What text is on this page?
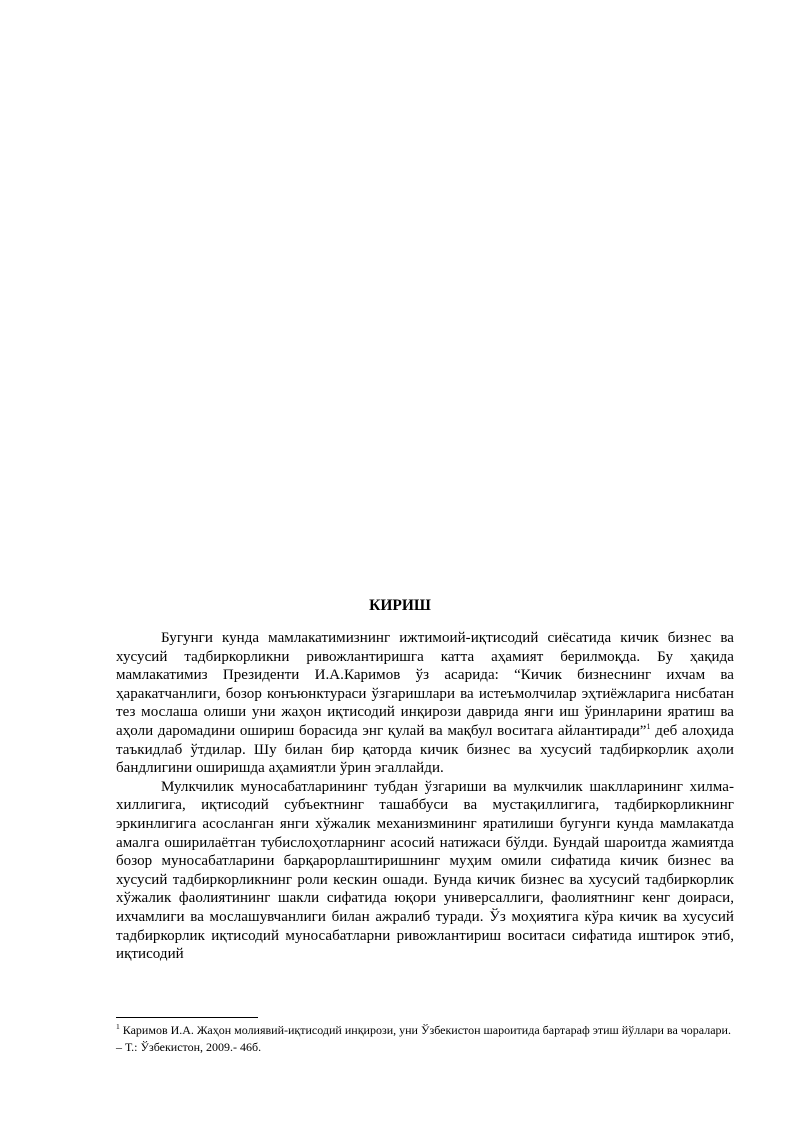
КИРИШ

Бугунги кунда мамлакатимизнинг ижтимоий-иқтисодий сиёсатида кичик бизнес ва хусусий тадбиркорликни ривожлантиришга катта аҳамият берилмоқда. Бу ҳақида мамлакатимиз Президенти И.А.Каримов ўз асарида: “Кичик бизнеснинг ихчам ва ҳаракатчанлиги, бозор конъюнктураси ўзгаришлари ва истеъмолчилар эҳтиёжларига нисбатан тез мослаша олиши уни жаҳон иқтисодий инқирози даврида янги иш ўринларини яратиш ва аҳоли даромадини ошириш борасида энг қулай ва мақбул воситага айлантиради”$^1$ деб алоҳида таъкидлаб ўтдилар. Шу билан бир қаторда кичик бизнес ва хусусий тадбиркорлик аҳоли бандлигини оширишда аҳамиятли ўрин эгаллайди.

Мулкчилик муносабатларининг тубдан ўзгариши ва мулкчилик шаклларининг хилма-хиллигига, иқтисодий субъектнинг ташаббуси ва мустақиллигига, тадбиркорликнинг эркинлигига асосланган янги хўжалик механизмининг яратилиши бугунги кунда мамлакатда амалга оширилаётган тубислоҳотларнинг асосий натижаси бўлди. Бундай шароитда жамиятда бозор муносабатларини барқарорлаштиришнинг муҳим омили сифатида кичик бизнес ва хусусий тадбиркорликнинг роли кескин ошади. Бунда кичик бизнес ва хусусий тадбиркорлик хўжалик фаолиятининг шакли сифатида юқори универсаллиги, фаолиятнинг кенг доираси, ихчамлиги ва мослашувчанлиги билан ажралиб туради. Ўз моҳиятига кўра кичик ва хусусий тадбиркорлик иқтисодий муносабатларни ривожлантириш воситаси сифатида иштирок этиб, иқтисодий

$^1$ Каримов И.А. Жаҳон молиявий-иқтисодий инқирози, уни Ўзбекистон шароитида бартараф этиш йўллари ва чоралари. – Т.: Ўзбекистон, 2009.- 46б.
